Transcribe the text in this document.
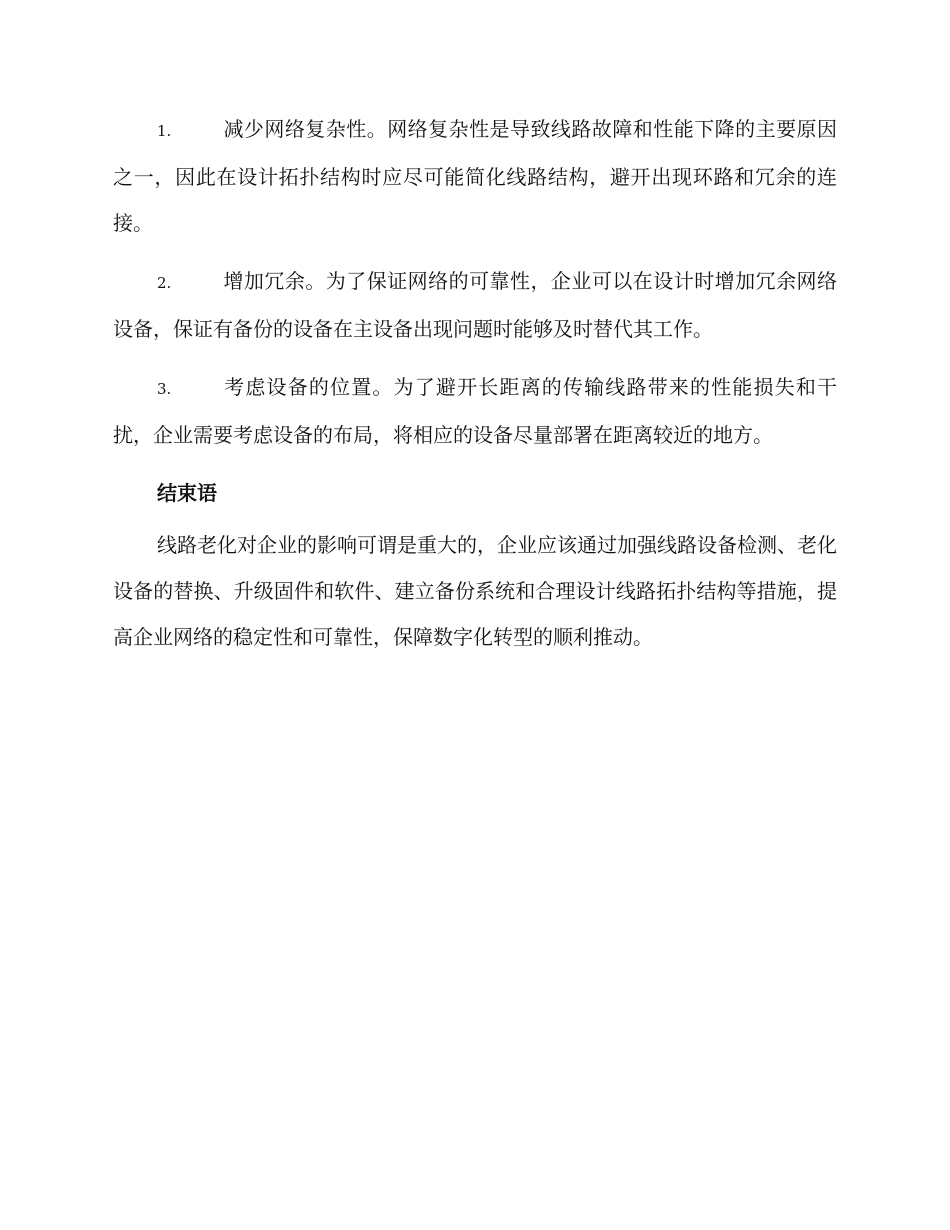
1.	减少网络复杂性。网络复杂性是导致线路故障和性能下降的主要原因之一，因此在设计拓扑结构时应尽可能简化线路结构，避开出现环路和冗余的连接。

2.	增加冗余。为了保证网络的可靠性，企业可以在设计时增加冗余网络设备，保证有备份的设备在主设备出现问题时能够及时替代其工作。

3.	考虑设备的位置。为了避开长距离的传输线路带来的性能损失和干扰，企业需要考虑设备的布局，将相应的设备尽量部署在距离较近的地方。

结束语

线路老化对企业的影响可谓是重大的，企业应该通过加强线路设备检测、老化设备的替换、升级固件和软件、建立备份系统和合理设计线路拓扑结构等措施，提高企业网络的稳定性和可靠性，保障数字化转型的顺利推动。
